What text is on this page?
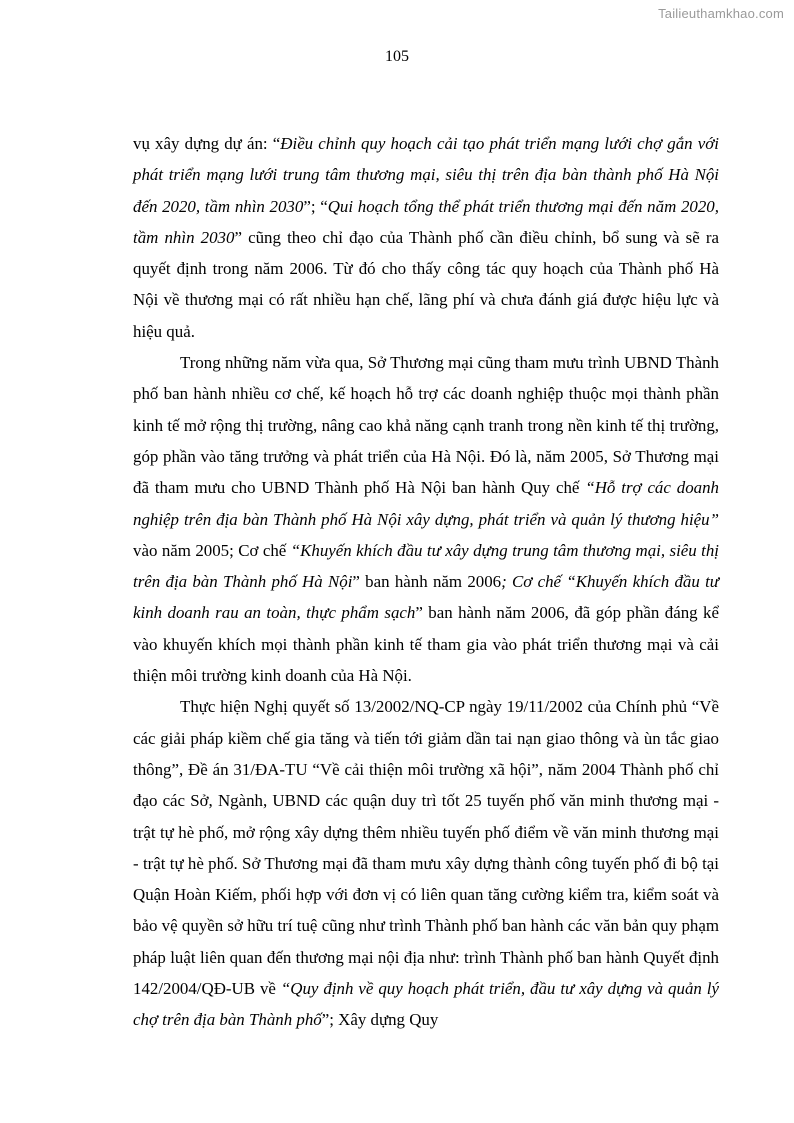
Tailieuthamkhao.com
105

vụ xây dựng dự án: “Điều chỉnh quy hoạch cải tạo phát triển mạng lưới chợ gắn với phát triển mạng lưới trung tâm thương mại, siêu thị trên địa bàn thành phố Hà Nội đến 2020, tầm nhìn 2030”; “Qui hoạch tổng thể phát triển thương mại đến năm 2020, tầm nhìn 2030” cũng theo chỉ đạo của Thành phố cần điều chỉnh, bổ sung và sẽ ra quyết định trong năm 2006. Từ đó cho thấy công tác quy hoạch của Thành phố Hà Nội về thương mại có rất nhiều hạn chế, lãng phí và chưa đánh giá được hiệu lực và hiệu quả.

Trong những năm vừa qua, Sở Thương mại cũng tham mưu trình UBND Thành phố ban hành nhiều cơ chế, kế hoạch hỗ trợ các doanh nghiệp thuộc mọi thành phần kinh tế mở rộng thị trường, nâng cao khả năng cạnh tranh trong nền kinh tế thị trường, góp phần vào tăng trưởng và phát triển của Hà Nội. Đó là, năm 2005, Sở Thương mại đã tham mưu cho UBND Thành phố Hà Nội ban hành Quy chế “Hỗ trợ các doanh nghiệp trên địa bàn Thành phố Hà Nội xây dựng, phát triển và quản lý thương hiệu” vào năm 2005; Cơ chế “Khuyến khích đầu tư xây dựng trung tâm thương mại, siêu thị trên địa bàn Thành phố Hà Nội” ban hành năm 2006; Cơ chế “Khuyến khích đầu tư kinh doanh rau an toàn, thực phẩm sạch” ban hành năm 2006, đã góp phần đáng kể vào khuyến khích mọi thành phần kinh tế tham gia vào phát triển thương mại và cải thiện môi trường kinh doanh của Hà Nội.

Thực hiện Nghị quyết số 13/2002/NQ-CP ngày 19/11/2002 của Chính phủ “Về các giải pháp kiềm chế gia tăng và tiến tới giảm dần tai nạn giao thông và ùn tắc giao thông”, Đề án 31/ĐA-TU “Về cải thiện môi trường xã hội”, năm 2004 Thành phố chỉ đạo các Sở, Ngành, UBND các quận duy trì tốt 25 tuyến phố văn minh thương mại - trật tự hè phố, mở rộng xây dựng thêm nhiều tuyến phố điểm về văn minh thương mại - trật tự hè phố. Sở Thương mại đã tham mưu xây dựng thành công tuyến phố đi bộ tại Quận Hoàn Kiếm, phối hợp với đơn vị có liên quan tăng cường kiểm tra, kiểm soát và bảo vệ quyền sở hữu trí tuệ cũng như trình Thành phố ban hành các văn bản quy phạm pháp luật liên quan đến thương mại nội địa như: trình Thành phố ban hành Quyết định 142/2004/QĐ-UB về “Quy định về quy hoạch phát triển, đầu tư xây dựng và quản lý chợ trên địa bàn Thành phố”; Xây dựng Quy
